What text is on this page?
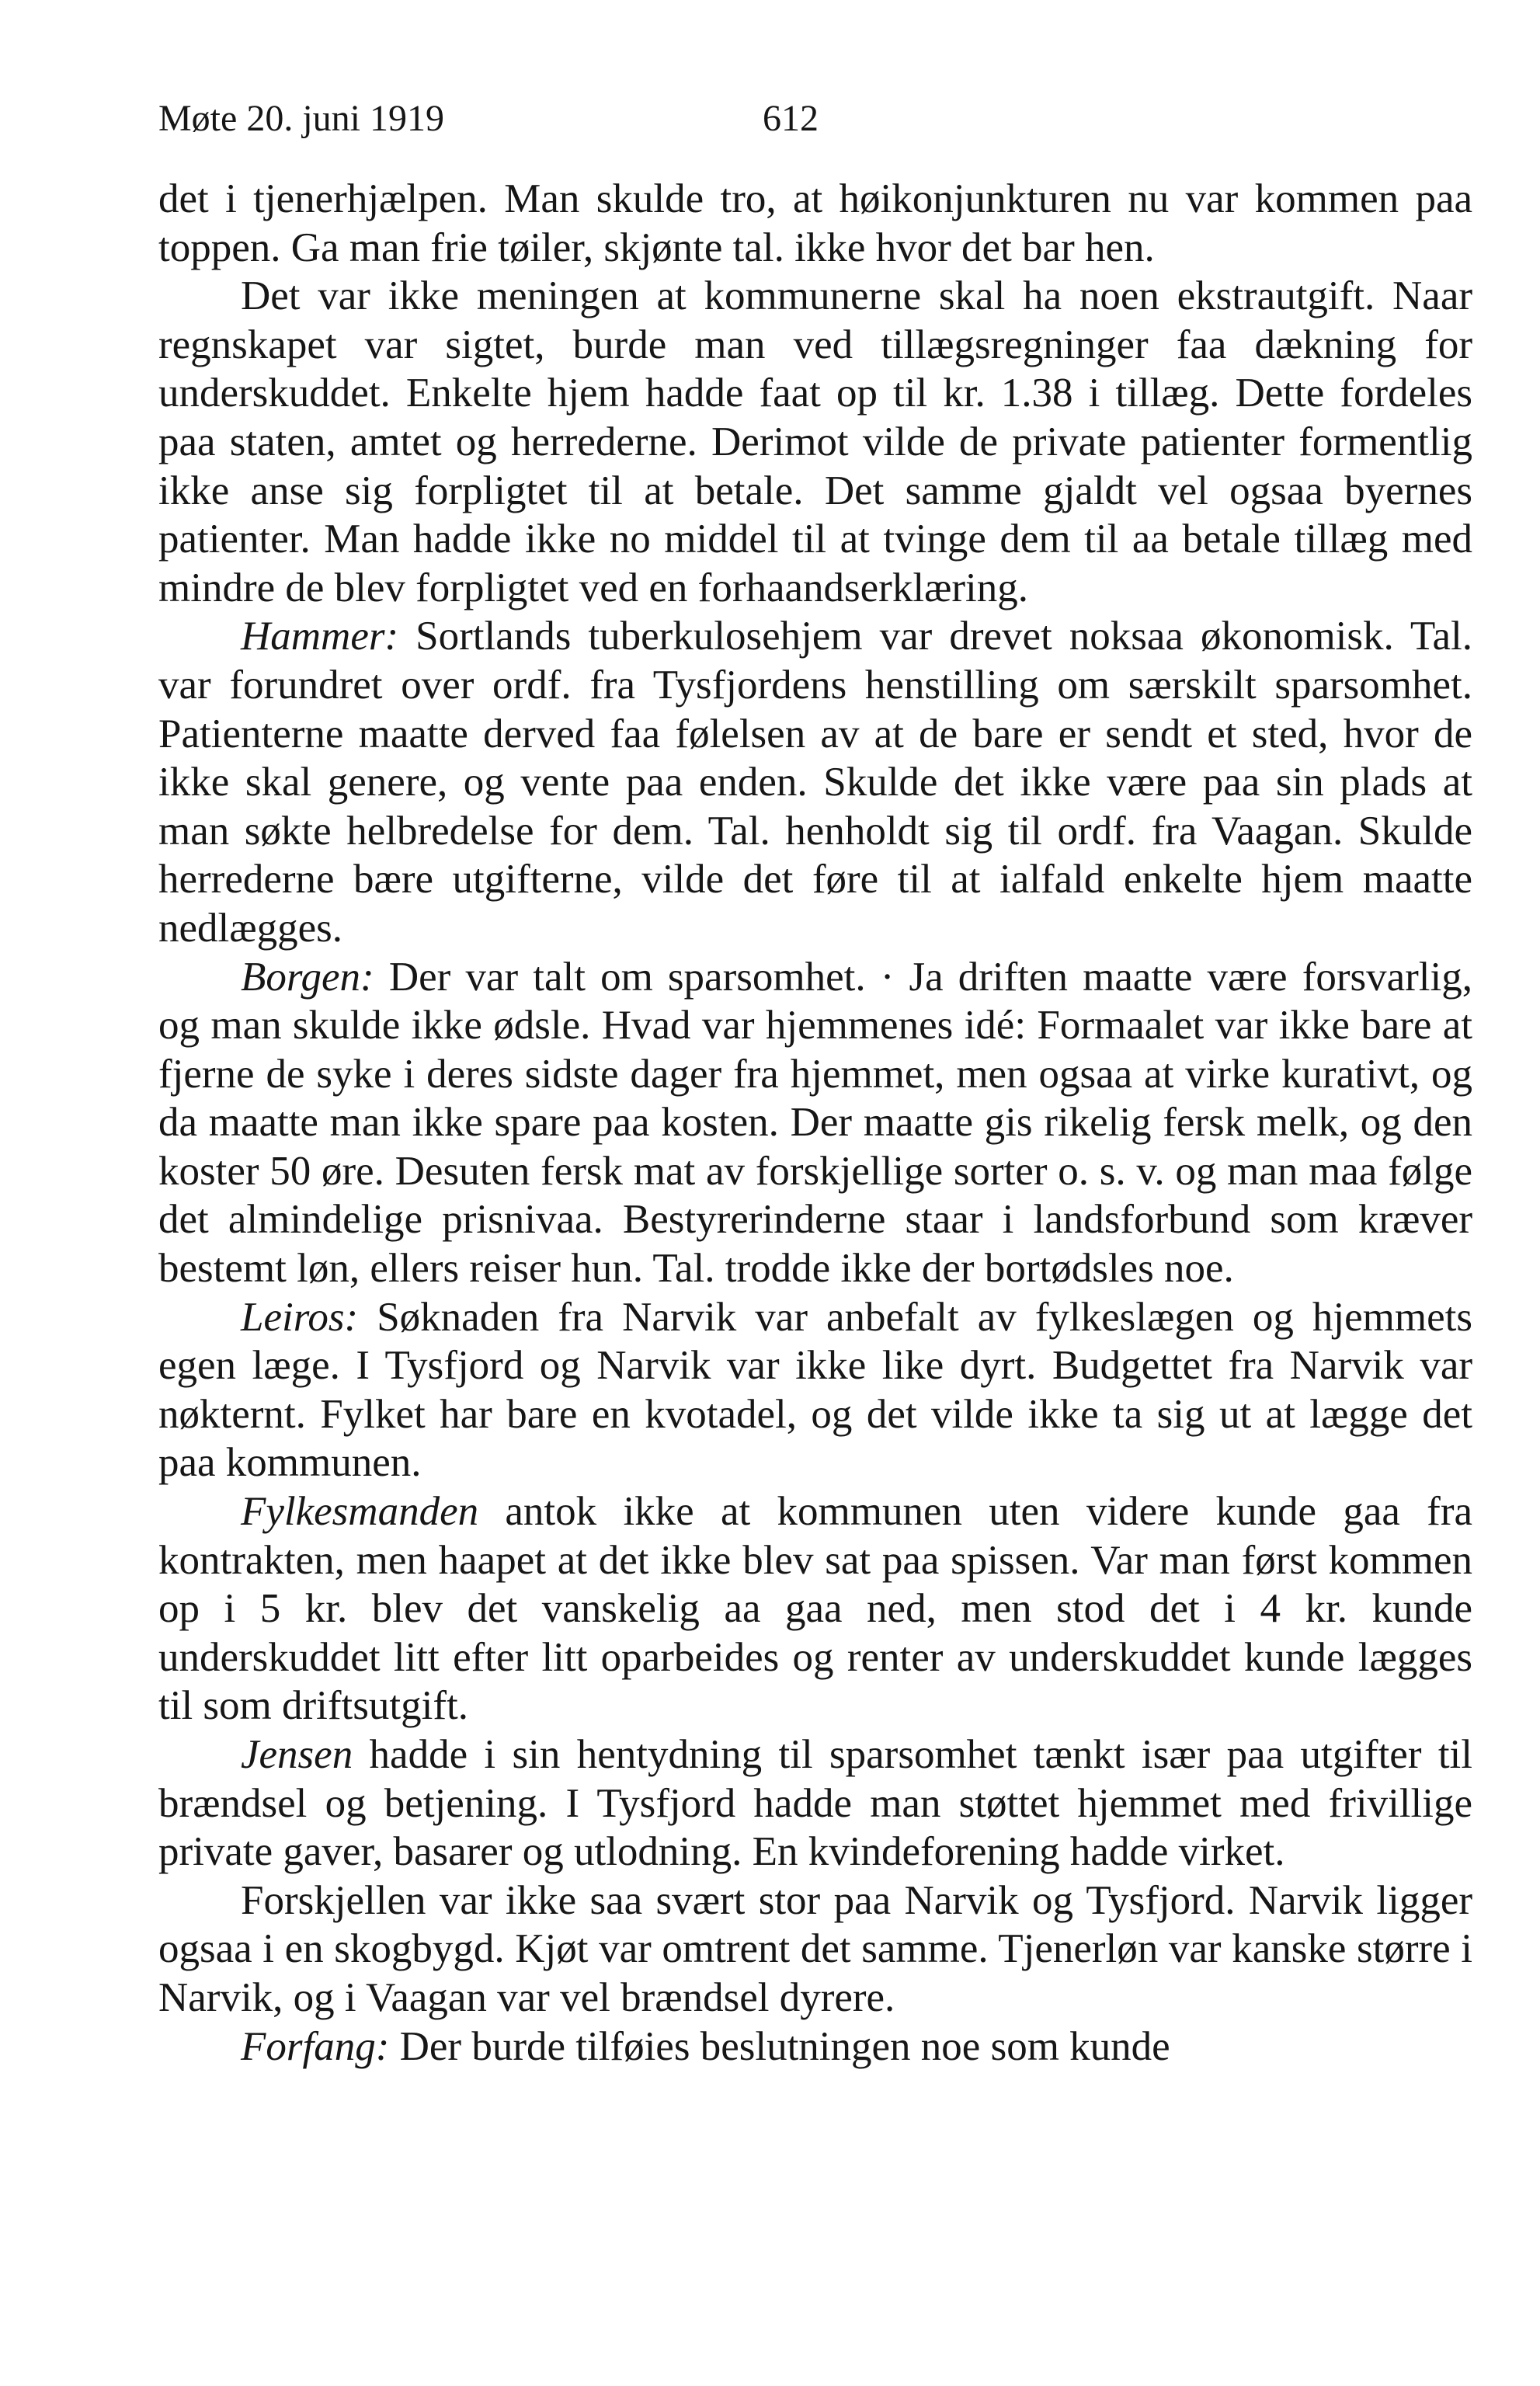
Møte 20. juni 1919	612

det i tjenerhjælpen. Man skulde tro, at høikonjunkturen nu var kommen paa toppen. Ga man frie tøiler, skjønte tal. ikke hvor det bar hen.

Det var ikke meningen at kommunerne skal ha noen ekstrautgift. Naar regnskapet var sigtet, burde man ved tillægsregninger faa dækning for underskuddet. Enkelte hjem hadde faat op til kr. 1.38 i tillæg. Dette fordeles paa staten, amtet og herrederne. Derimot vilde de private patienter formentlig ikke anse sig forpligtet til at betale. Det samme gjaldt vel ogsaa byernes patienter. Man hadde ikke no middel til at tvinge dem til aa betale tillæg med mindre de blev forpligtet ved en forhaandserklæring.

Hammer: Sortlands tuberkulosehjem var drevet noksaa økonomisk. Tal. var forundret over ordf. fra Tysfjordens henstilling om særskilt sparsomhet. Patienterne maatte derved faa følelsen av at de bare er sendt et sted, hvor de ikke skal genere, og vente paa enden. Skulde det ikke være paa sin plads at man søkte helbredelse for dem. Tal. henholdt sig til ordf. fra Vaagan. Skulde herrederne bære utgifterne, vilde det føre til at ialfald enkelte hjem maatte nedlægges.

Borgen: Der var talt om sparsomhet. · Ja driften maatte være forsvarlig, og man skulde ikke ødsle. Hvad var hjemmenes idé: Formaalet var ikke bare at fjerne de syke i deres sidste dager fra hjemmet, men ogsaa at virke kurativt, og da maatte man ikke spare paa kosten. Der maatte gis rikelig fersk melk, og den koster 50 øre. Desuten fersk mat av forskjellige sorter o. s. v. og man maa følge det almindelige prisnivaa. Bestyrerinderne staar i landsforbund som kræver bestemt løn, ellers reiser hun. Tal. trodde ikke der bortødsles noe.

Leiros: Søknaden fra Narvik var anbefalt av fylkeslægen og hjemmets egen læge. I Tysfjord og Narvik var ikke like dyrt. Budgettet fra Narvik var nøkternt. Fylket har bare en kvotadel, og det vilde ikke ta sig ut at lægge det paa kommunen.

Fylkesmanden antok ikke at kommunen uten videre kunde gaa fra kontrakten, men haapet at det ikke blev sat paa spissen. Var man først kommen op i 5 kr. blev det vanskelig aa gaa ned, men stod det i 4 kr. kunde underskuddet litt efter litt oparbeides og renter av underskuddet kunde lægges til som driftsutgift.

Jensen hadde i sin hentydning til sparsomhet tænkt især paa utgifter til brændsel og betjening. I Tysfjord hadde man støttet hjemmet med frivillige private gaver, basarer og utlodning. En kvindeforening hadde virket.

Forskjellen var ikke saa svært stor paa Narvik og Tysfjord. Narvik ligger ogsaa i en skogbygd. Kjøt var omtrent det samme. Tjenerløn var kanske større i Narvik, og i Vaagan var vel brændsel dyrere.

Forfang: Der burde tilføies beslutningen noe som kunde
